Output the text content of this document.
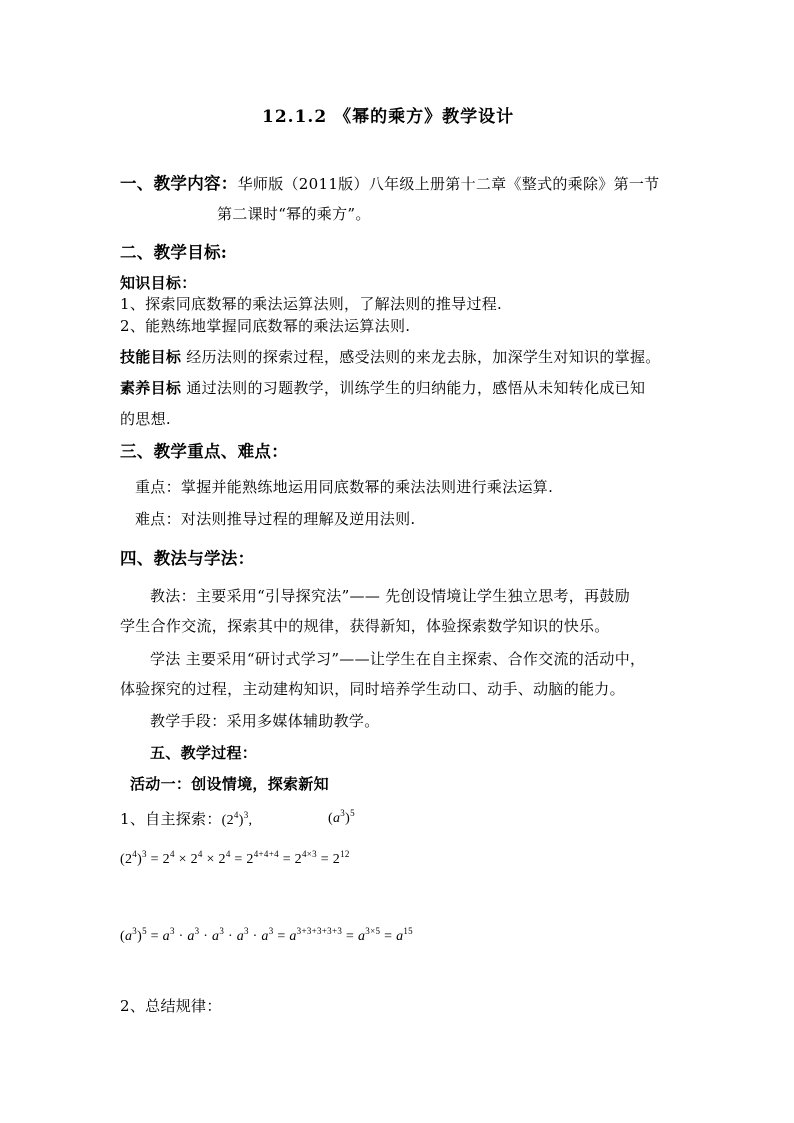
12.1.2 《幂的乘方》教学设计
一、教学内容：华师版（2011版）八年级上册第十二章《整式的乘除》第一节
第二课时“幂的乘方”。
二、教学目标:
知识目标：
1、探索同底数幂的乘法运算法则，了解法则的推导过程.
2、能熟练地掌握同底数幂的乘法运算法则.
技能目标 经历法则的探索过程，感受法则的来龙去脉，加深学生对知识的掌握。
素养目标 通过法则的习题教学，训练学生的归纳能力，感悟从未知转化成已知
的思想.
三、教学重点、难点：
重点：掌握并能熟练地运用同底数幂的乘法法则进行乘法运算.
难点：对法则推导过程的理解及逆用法则.
四、教法与学法：
教法：主要采用“引导探究法”—— 先创设情境让学生独立思考，再鼓励
学生合作交流，探索其中的规律，获得新知，体验探索数学知识的快乐。
学法 主要采用“研讨式学习”——让学生在自主探索、合作交流的活动中，
体验探究的过程，主动建构知识，同时培养学生动口、动手、动脑的能力。
教学手段：采用多媒体辅助教学。
五、教学过程：
活动一：创设情境，探索新知
1、自主探索：$(2^4)^3$,	$(a^3)^5$
$(2^4)^3 = 2^4 \times 2^4 \times 2^4 = 2^{4+4+4} = 2^{4\times 3} = 2^{12}$
$(a^3)^5 = a^3 \cdot a^3 \cdot a^3 \cdot a^3 \cdot a^3 = a^{3+3+3+3+3} = a^{3\times 5} = a^{15}$
2、总结规律：
